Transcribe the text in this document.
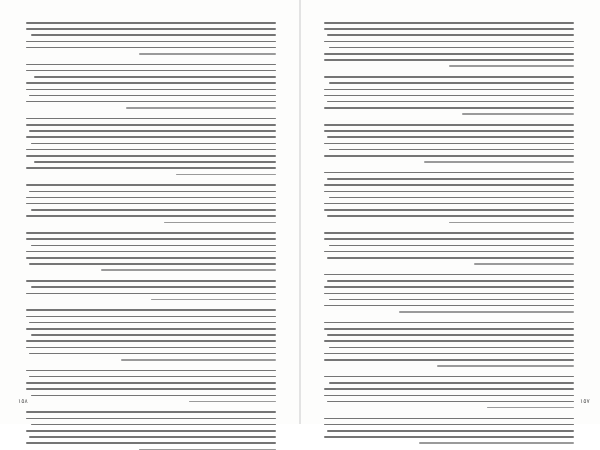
١٥٨	١٥٧
